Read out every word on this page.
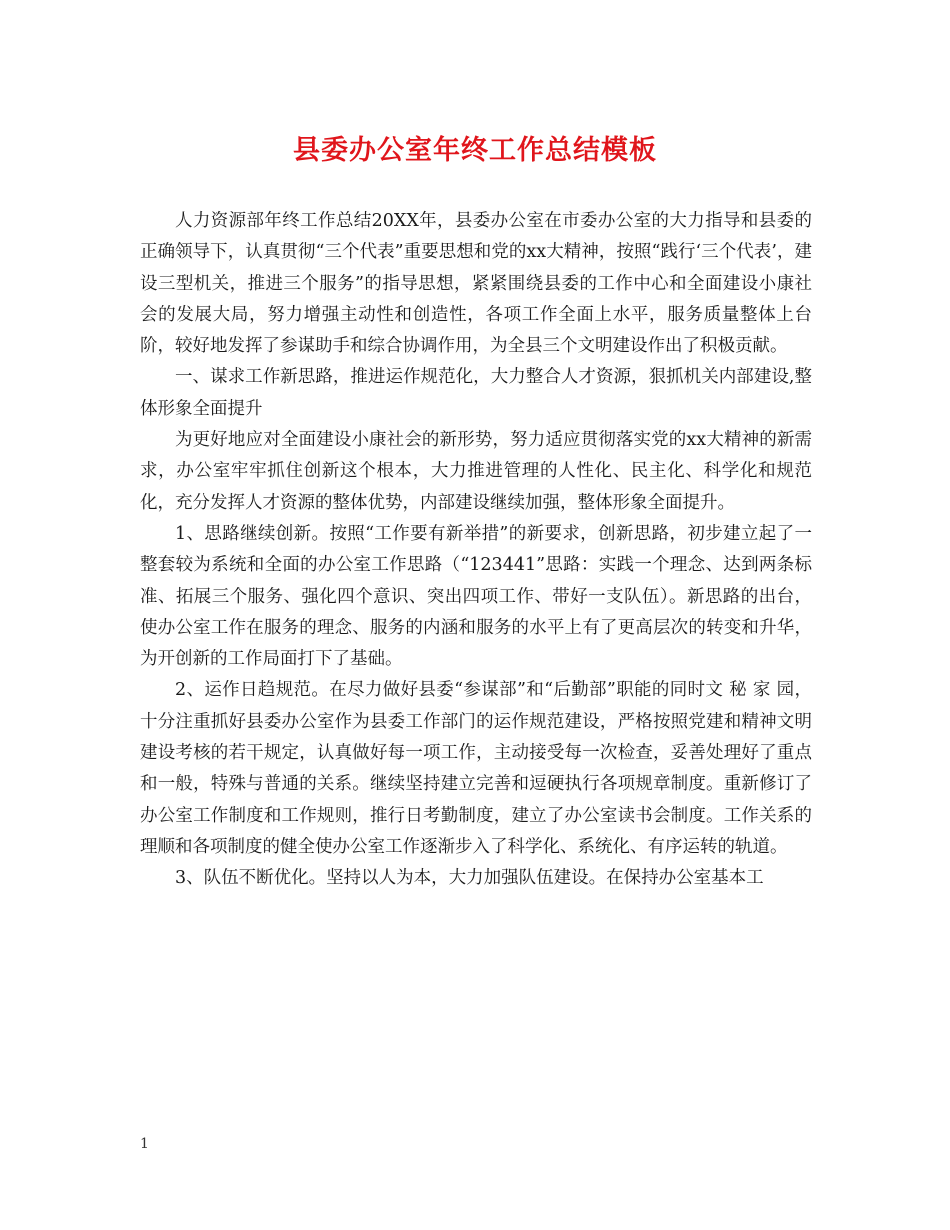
县委办公室年终工作总结模板

人力资源部年终工作总结20XX年，县委办公室在市委办公室的大力指导和县委的正确领导下，认真贯彻“三个代表”重要思想和党的xx大精神，按照“践行‘三个代表’，建设三型机关，推进三个服务”的指导思想，紧紧围绕县委的工作中心和全面建设小康社会的发展大局，努力增强主动性和创造性，各项工作全面上水平，服务质量整体上台阶，较好地发挥了参谋助手和综合协调作用，为全县三个文明建设作出了积极贡献。

一、谋求工作新思路，推进运作规范化，大力整合人才资源，狠抓机关内部建设,整体形象全面提升

为更好地应对全面建设小康社会的新形势，努力适应贯彻落实党的xx大精神的新需求，办公室牢牢抓住创新这个根本，大力推进管理的人性化、民主化、科学化和规范化，充分发挥人才资源的整体优势，内部建设继续加强，整体形象全面提升。

1、思路继续创新。按照“工作要有新举措”的新要求，创新思路，初步建立起了一整套较为系统和全面的办公室工作思路（“123441”思路：实践一个理念、达到两条标准、拓展三个服务、强化四个意识、突出四项工作、带好一支队伍）。新思路的出台，使办公室工作在服务的理念、服务的内涵和服务的水平上有了更高层次的转变和升华，为开创新的工作局面打下了基础。

2、运作日趋规范。在尽力做好县委“参谋部”和“后勤部”职能的同时文 秘 家 园，十分注重抓好县委办公室作为县委工作部门的运作规范建设，严格按照党建和精神文明建设考核的若干规定，认真做好每一项工作，主动接受每一次检查，妥善处理好了重点和一般，特殊与普通的关系。继续坚持建立完善和逗硬执行各项规章制度。重新修订了办公室工作制度和工作规则，推行日考勤制度，建立了办公室读书会制度。工作关系的理顺和各项制度的健全使办公室工作逐渐步入了科学化、系统化、有序运转的轨道。

3、队伍不断优化。坚持以人为本，大力加强队伍建设。在保持办公室基本工

1
